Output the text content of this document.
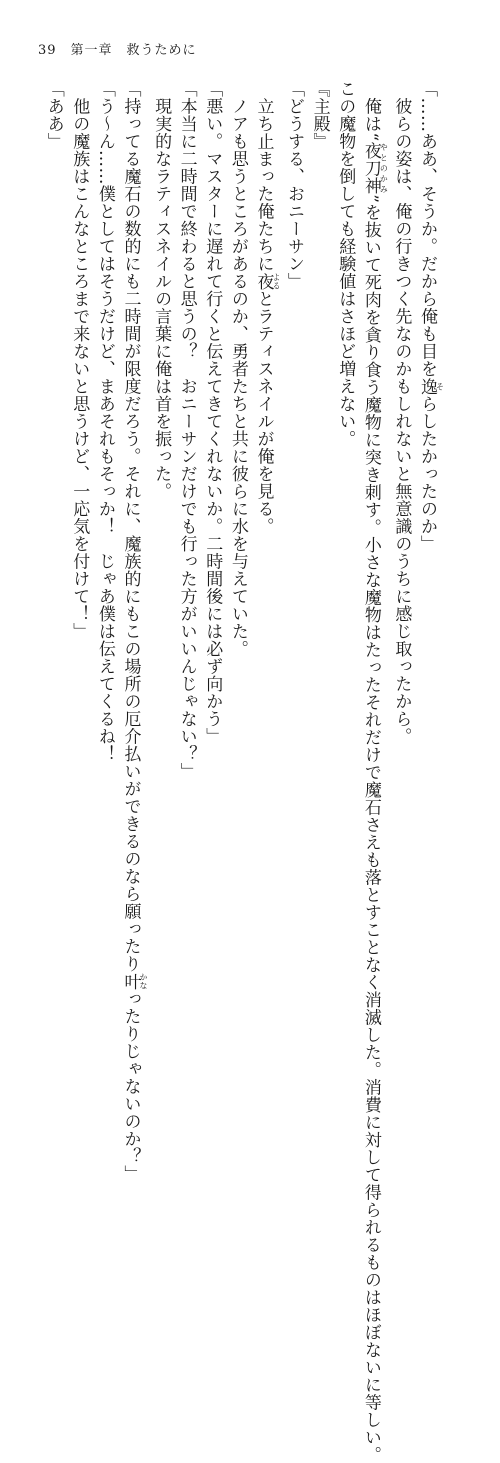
39 第一章　救うために
「……ああ、そうか。だから俺も目を逸そらしたかったのか」
　彼らの姿は、俺の行きつく先なのかもしれないと無意識のうちに感じ取ったから。
　俺は“夜刀神やとのかみ”を抜いて死肉を貪り食う魔物に突き刺す。小さな魔物はたったそれだけで魔石さえも落とすことなく消滅した。消費に対して得られるものはほぼないに等しい。
この魔物を倒しても経験値はさほど増えない。
『主殿』
「どうする、おニーサン」
　立ち止まった俺たちに夜よるとラティスネイルが俺を見る。
　ノアも思うところがあるのか、勇者たちと共に彼らに水を与えていた。
「悪い。マスターに遅れて行くと伝えてきてくれないか。二時間後には必ず向かう」
「本当に二時間で終わると思うの？　おニーサンだけでも行った方がいいんじゃない？」
　現実的なラティスネイルの言葉に俺は首を振った。
「持ってる魔石の数的にも二時間が限度だろう。それに、魔族的にもこの場所の厄介払いができるのなら願ったり叶かなったりじゃないのか？」
「う～ん……僕としてはそうだけど、まあそれもそっか！　じゃあ僕は伝えてくるね！
　他の魔族はこんなところまで来ないと思うけど、一応気を付けて！」
「ああ」
